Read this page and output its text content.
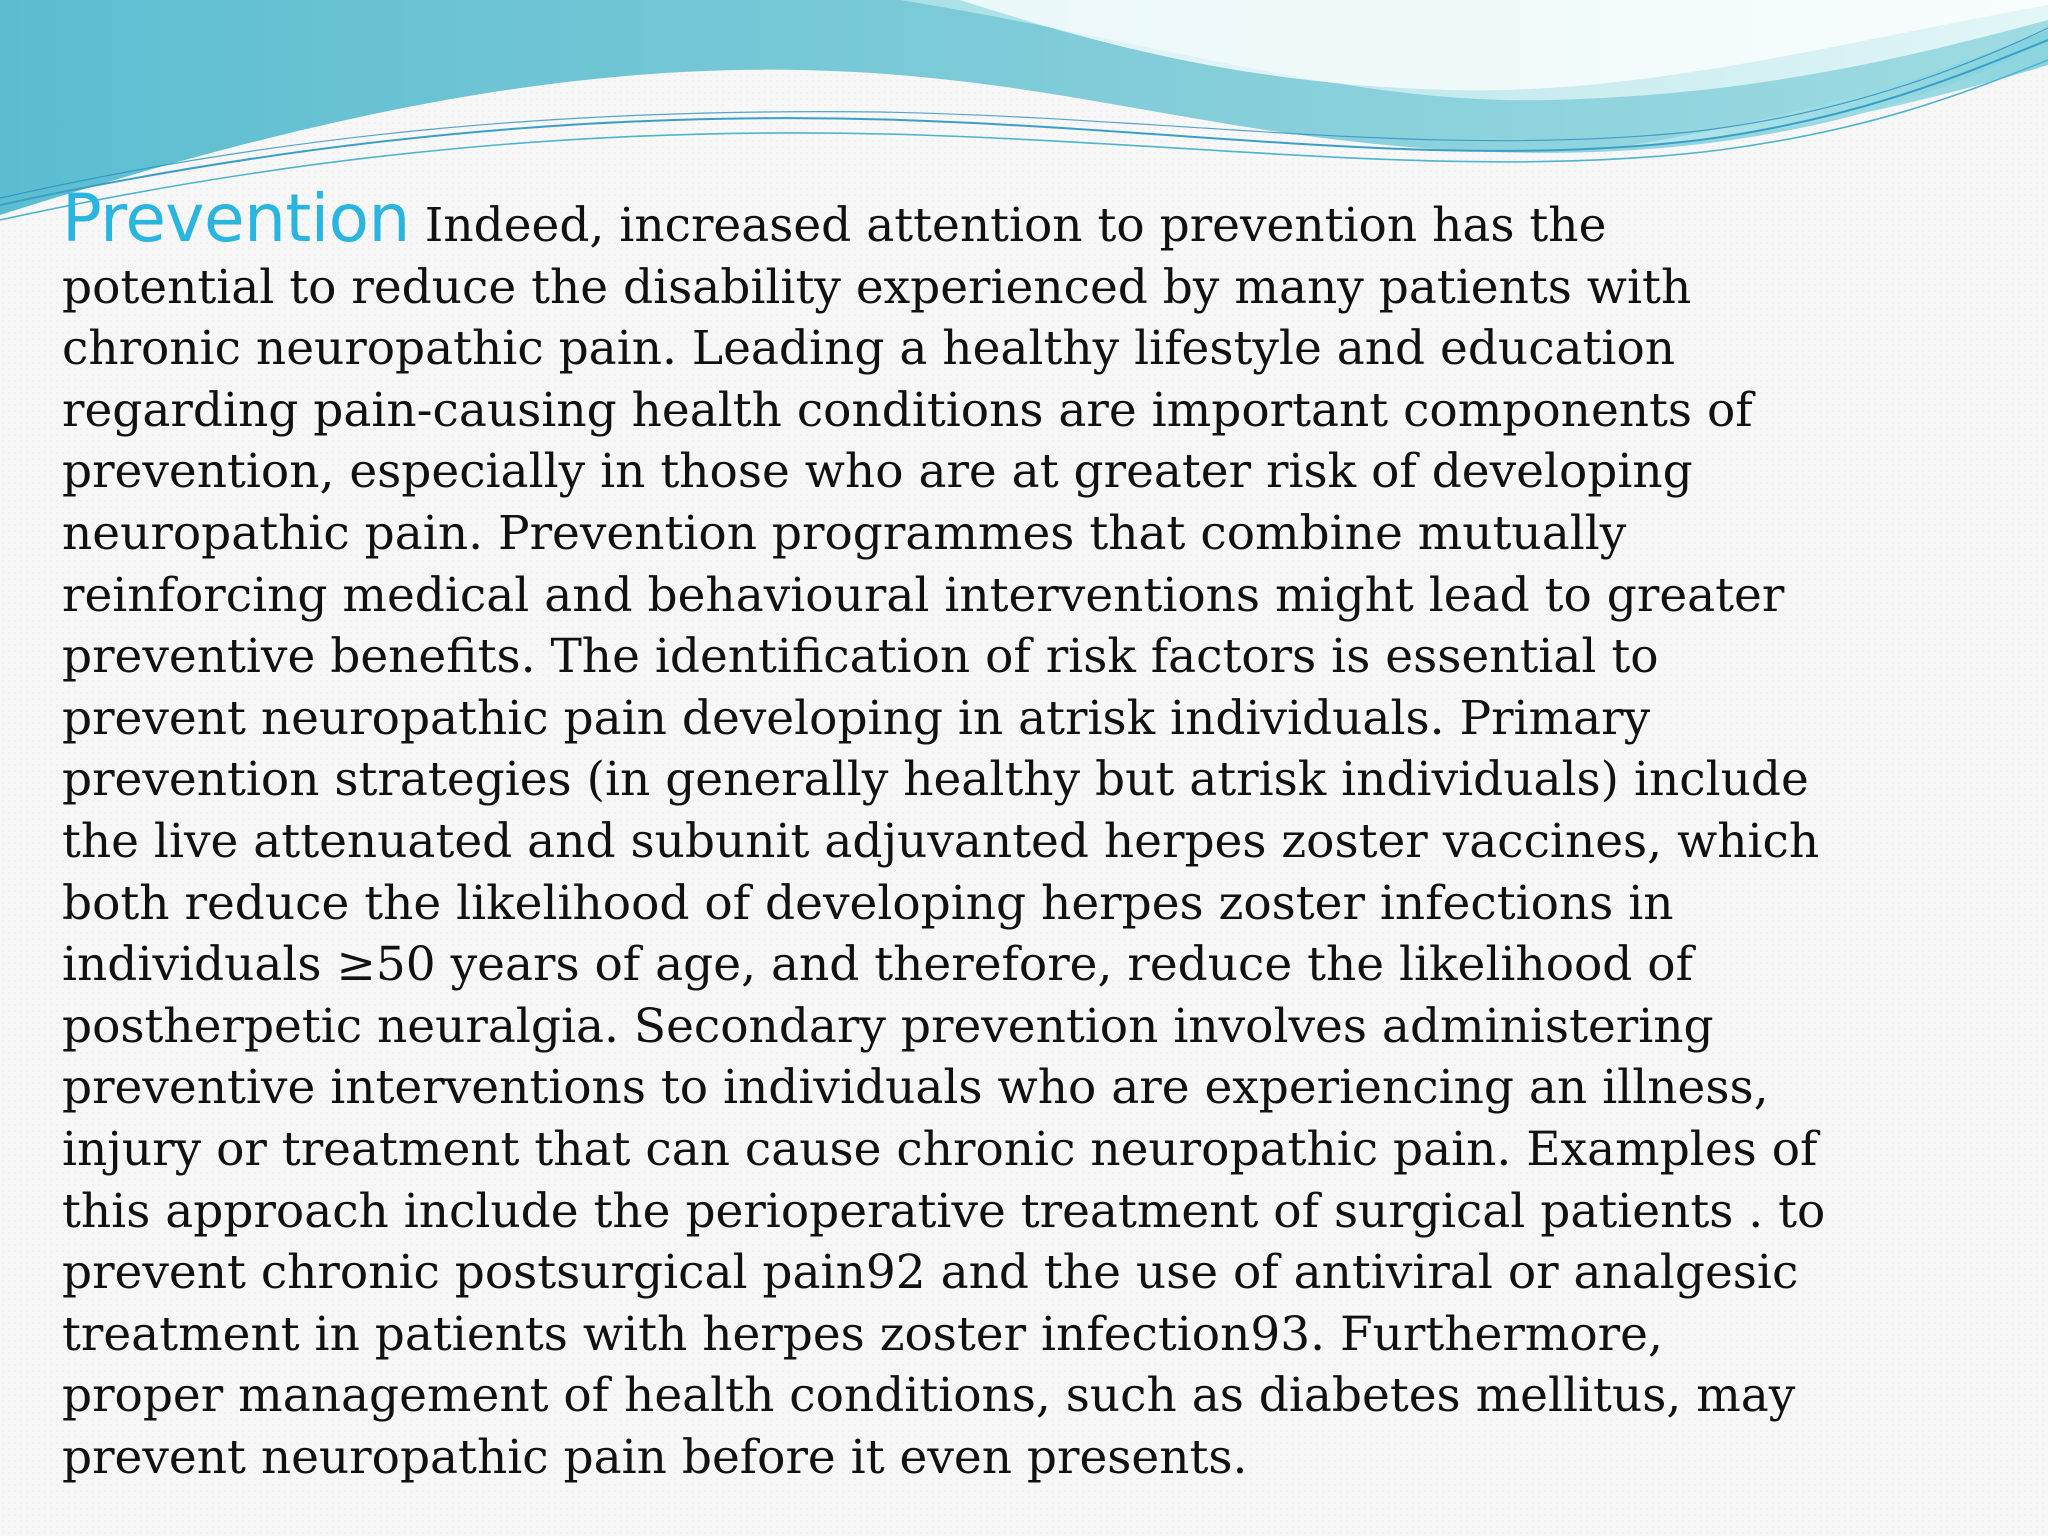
Prevention Indeed, increased attention to prevention has the
potential to reduce the disability experienced by many patients with
chronic neuropathic pain. Leading a healthy lifestyle and education
regarding pain-causing health conditions are important components of
prevention, especially in those who are at greater risk of developing
neuropathic pain. Prevention programmes that combine mutually
reinforcing medical and behavioural interventions might lead to greater
preventive benefits. The identification of risk factors is essential to
prevent neuropathic pain developing in atrisk individuals. Primary
prevention strategies (in generally healthy but atrisk individuals) include
the live attenuated and subunit adjuvanted herpes zoster vaccines, which
both reduce the likelihood of developing herpes zoster infections in
individuals ≥50 years of age, and therefore, reduce the likelihood of
postherpetic neuralgia. Secondary prevention involves administering
preventive interventions to individuals who are experiencing an illness,
injury or treatment that can cause chronic neuropathic pain. Examples of
this approach include the perioperative treatment of surgical patients . to
prevent chronic postsurgical pain92 and the use of antiviral or analgesic
treatment in patients with herpes zoster infection93. Furthermore,
proper management of health conditions, such as diabetes mellitus, may
prevent neuropathic pain before it even presents.
